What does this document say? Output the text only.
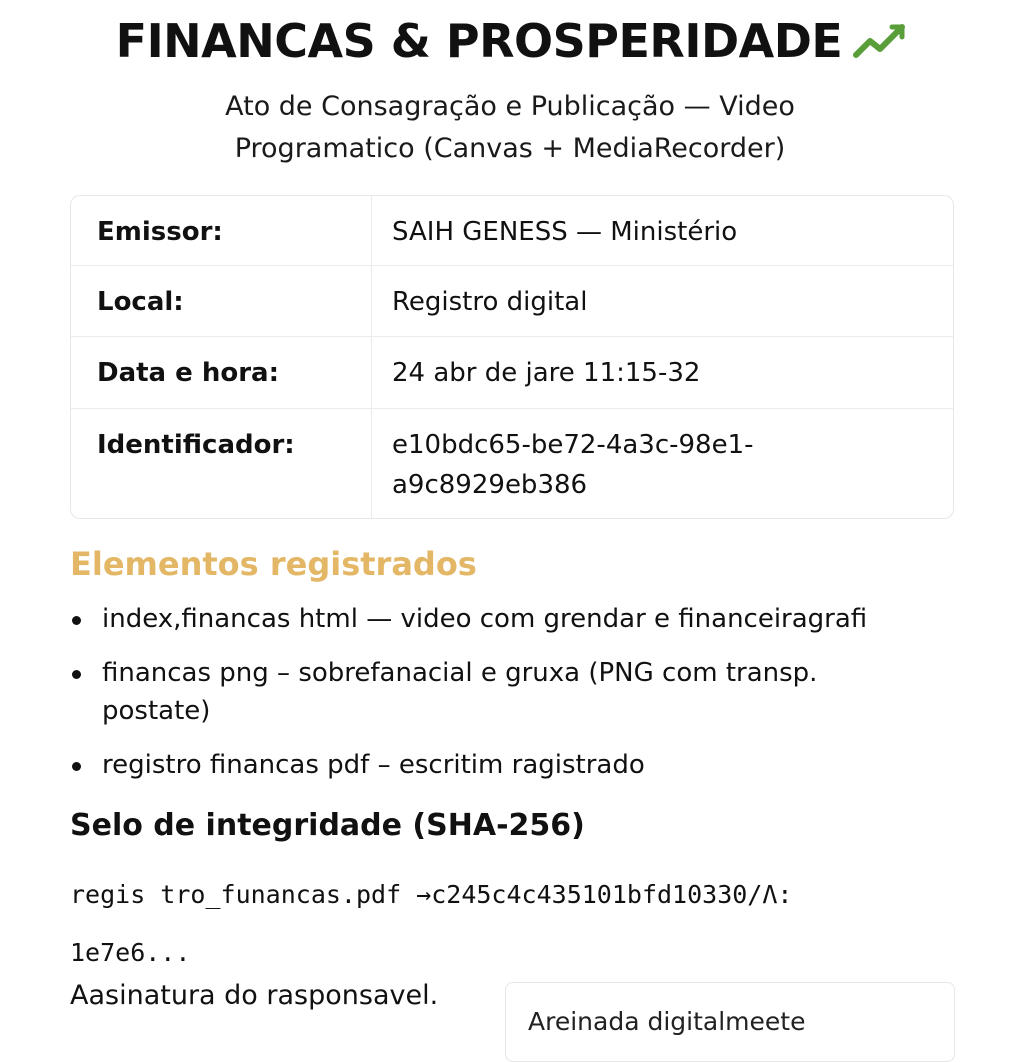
FINANCAS & PROSPERIDADE
Ato de Consagração e Publicação — Video
Programatico (Canvas + MediaRecorder)
Emissor:	SAIH GENESS — Ministério
Local:	Registro digital
Data e hora:	24 abr de jare 11:15-32
Identificador:	e10bdc65-be72-4a3c-98e1-
a9c8929eb386
Elementos registrados
index,financas html — video com grendar e financeiragrafi
financas png – sobrefanacial e gruxa (PNG com transp.
postate)
registro financas pdf – escritim ragistrado
Selo de integridade (SHA-256)
regis tro_funancas.pdf →c245c4c435101bfd10330/Λ:
1e7e6...
Aasinatura do rasponsavel.
Areinada digitalmeete
